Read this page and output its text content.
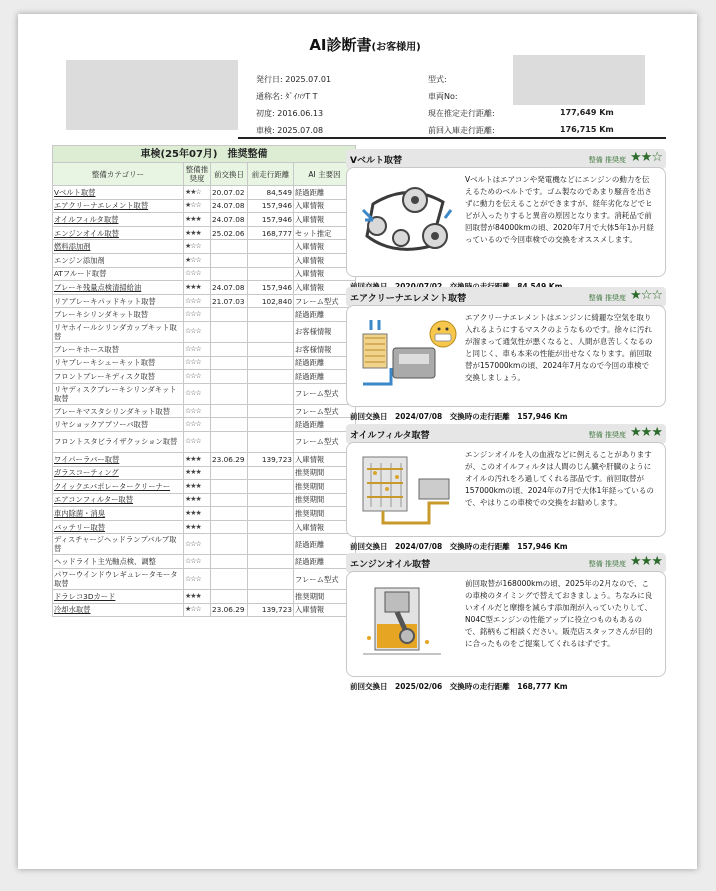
AI診断書(お客様用)
発行日: 2025.07.01
通称名: ﾀﾞｲﾊﾂT T
初度: 2016.06.13
車検: 2025.07.08
型式:
車両No:
現在推定走行距離:	177,649 Km
前回入庫走行距離:	176,715 Km
車検(25年07月)　推奨整備				
整備カテゴリー	整備推奨度	前交換日	前走行距離	AI 主要因
Vベルト取替	★★☆	20.07.02	84,549	経過距離
エアクリーナエレメント取替	★☆☆	24.07.08	157,946	入庫情報
オイルフィルタ取替	★★★	24.07.08	157,946	入庫情報
エンジンオイル取替	★★★	25.02.06	168,777	セット推定
燃料添加剤	★☆☆			入庫情報
エンジン添加剤	★☆☆			入庫情報
ATフルード取替	☆☆☆			入庫情報
ブレーキ残量点検清掃給油	★★★	24.07.08	157,946	入庫情報
リアブレーキパッドキット取替	☆☆☆	21.07.03	102,840	フレーム型式
ブレーキシリンダキット取替	☆☆☆			経過距離
リヤホイールシリンダカップキット取替	☆☆☆			お客様情報
ブレーキホース取替	☆☆☆			お客様情報
リヤブレーキシューキット取替	☆☆☆			経過距離
フロントブレーキディスク取替	☆☆☆			経過距離
リヤディスクブレーキシリンダキット取替	☆☆☆			フレーム型式
ブレーキマスタシリンダキット取替	☆☆☆			フレーム型式
リヤショックアブソーバ取替	☆☆☆			経過距離
フロントスタビライザクッション取替	☆☆☆			フレーム型式
ワイパーラバー取替	★★★	23.06.29	139,723	入庫情報
ガラスコーティング	★★★			推奨期間
クイックエバポレータークリーナー	★★★			推奨期間
エアコンフィルター取替	★★★			推奨期間
車内除菌・消臭	★★★			推奨期間
バッテリー取替	★★★			入庫情報
ディスチャージヘッドランプバルブ取替	☆☆☆			経過距離
ヘッドライト主光軸点検、調整	☆☆☆			経過距離
パワーウインドウレギュレータモータ取替	☆☆☆			フレーム型式
ドラレコ3Dカード	★★★			推奨期間
冷却水取替	★☆☆	23.06.29	139,723	入庫情報
Vベルト取替	整備 推奨度 ★★☆
Vベルトはエアコンや発電機などにエンジンの動力を伝えるためのベルトです。ゴム製なのであまり騒音を出さずに動力を伝えることができますが、経年劣化などでヒビが入ったりすると異音の原因となります。消耗品で前回取替が84000kmの頃、2020年7月で大体5年1か月経っているので今回車検での交換をオススメします。
エアクリーナエレメント取替	整備 推奨度 ★☆☆
エアクリーナエレメントはエンジンに綺麗な空気を取り入れるようにするマスクのようなものです。徐々に汚れが溜まって通気性が悪くなると、人間が息苦しくなるのと同じく、車も本来の性能が出せなくなります。前回取替が157000kmの頃、2024年7月なので今回の車検で交換しましょう。
前回交換日　2024/07/08　交換時の走行距離　157,946 Km
オイルフィルタ取替	整備 推奨度 ★★★
エンジンオイルを人の血液などに例えることがありますが、このオイルフィルタは人間のじん臓や肝臓のようにオイルの汚れをろ過してくれる部品です。前回取替が157000kmの頃、2024年の7月で大体1年経っているので、やはりこの車検での交換をお勧めします。
前回交換日　2024/07/08　交換時の走行距離　157,946 Km
エンジンオイル取替	整備 推奨度 ★★★
前回取替が168000kmの頃、2025年の2月なので、この車検のタイミングで替えておきましょう。ちなみに良いオイルだと摩擦を減らす添加剤が入っていたりして、N04C型エンジンの性能アップに役立つものもあるので、銘柄もご相談ください。販売店スタッフさんが目的に合ったものをご提案してくれるはずです。
前回交換日　2025/02/06　交換時の走行距離　168,777 Km
